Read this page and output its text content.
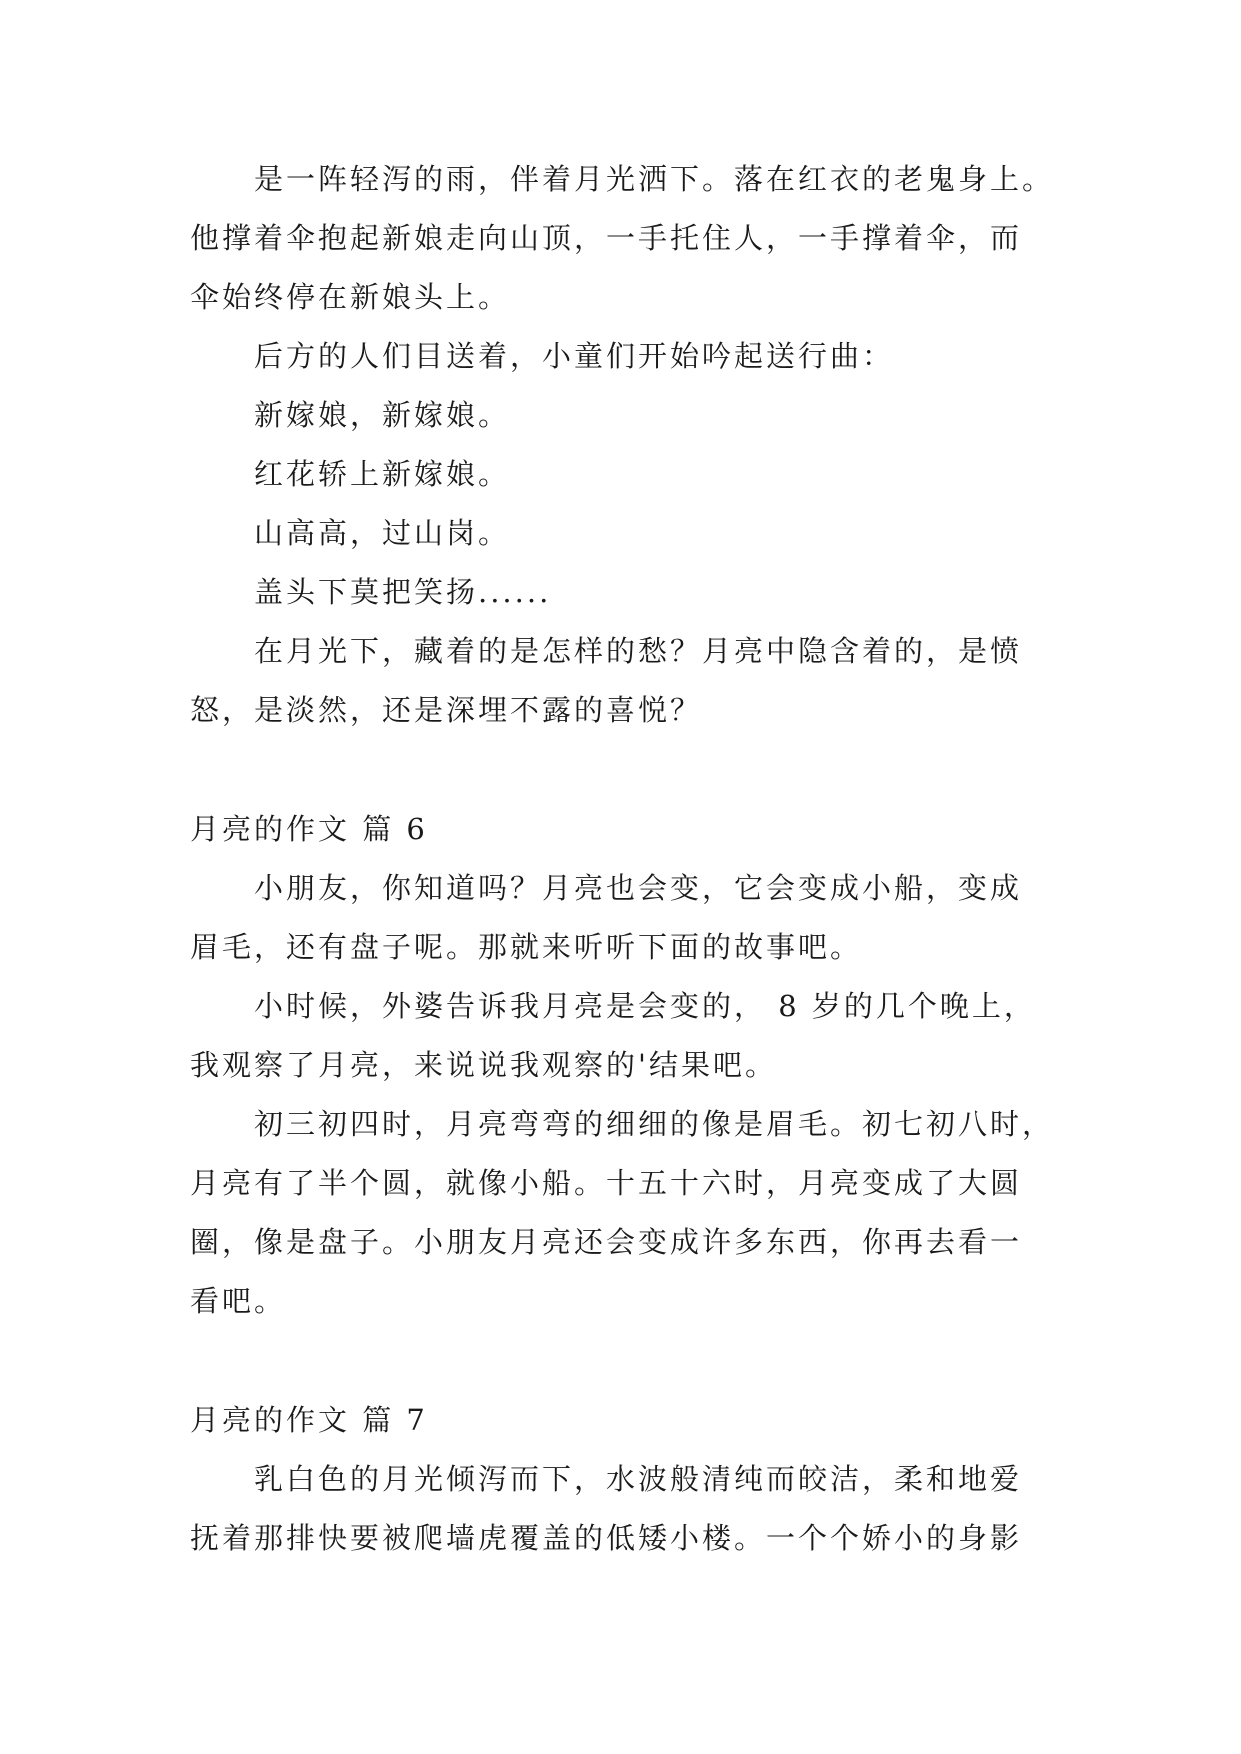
是一阵轻泻的雨，伴着月光洒下。落在红衣的老鬼身上。
他撑着伞抱起新娘走向山顶，一手托住人，一手撑着伞，而
伞始终停在新娘头上。
后方的人们目送着，小童们开始吟起送行曲：
新嫁娘，新嫁娘。
红花轿上新嫁娘。
山高高，过山岗。
盖头下莫把笑扬......
在月光下，藏着的是怎样的愁？月亮中隐含着的，是愤
怒，是淡然，还是深埋不露的喜悦？
月亮的作文 篇 6
小朋友，你知道吗？月亮也会变，它会变成小船，变成
眉毛，还有盘子呢。那就来听听下面的故事吧。
小时候，外婆告诉我月亮是会变的， 8 岁的几个晚上，
我观察了月亮，来说说我观察的'结果吧。
初三初四时，月亮弯弯的细细的像是眉毛。初七初八时，
月亮有了半个圆，就像小船。十五十六时，月亮变成了大圆
圈，像是盘子。小朋友月亮还会变成许多东西，你再去看一
看吧。
月亮的作文 篇 7
乳白色的月光倾泻而下，水波般清纯而皎洁，柔和地爱
抚着那排快要被爬墙虎覆盖的低矮小楼。一个个娇小的身影
